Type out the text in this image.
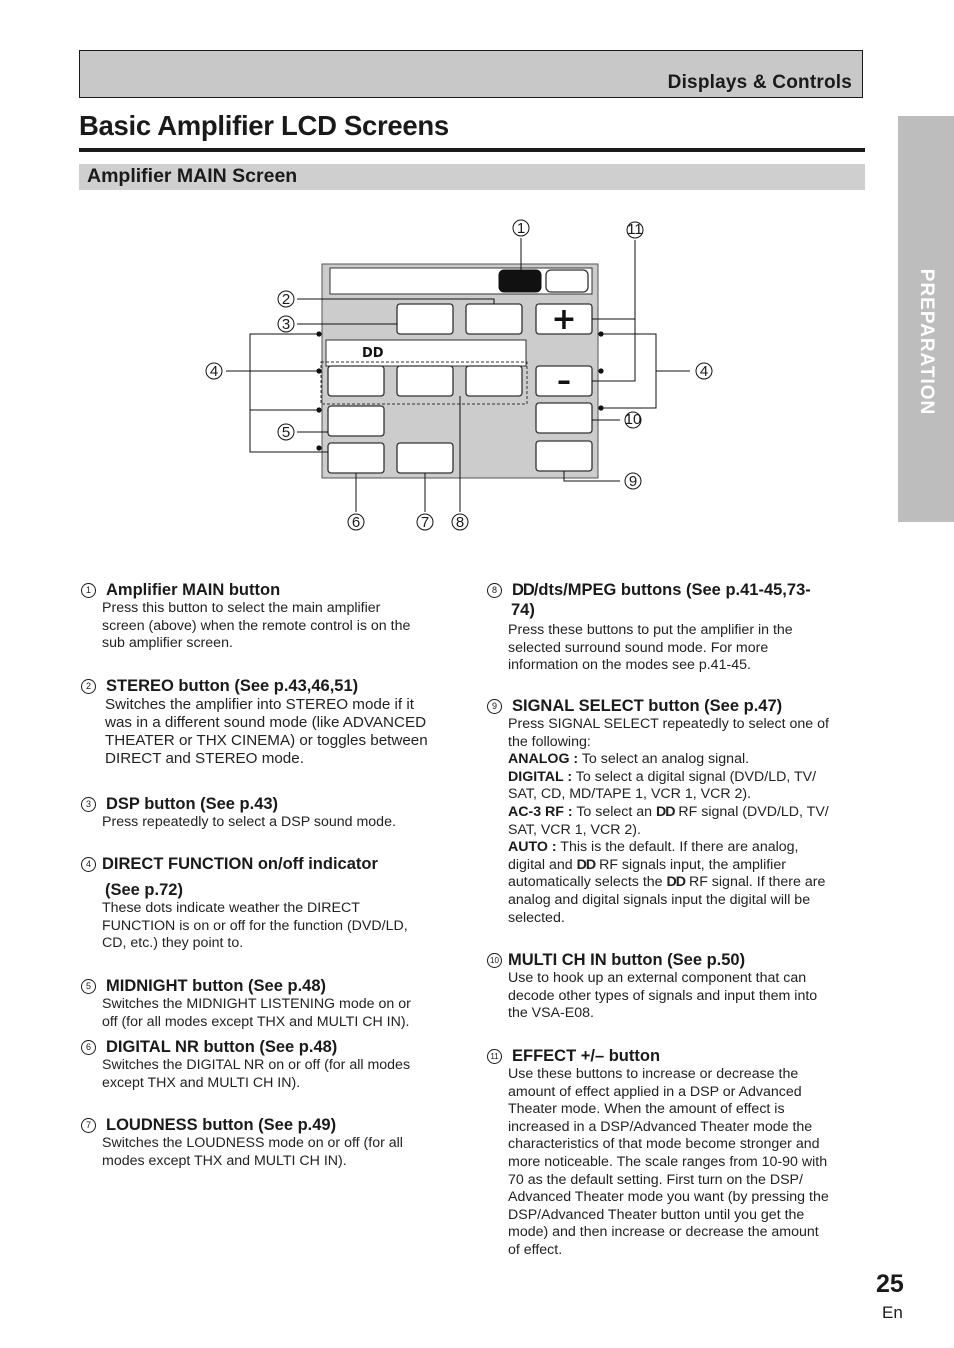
Displays & Controls
Basic Amplifier LCD Screens
Amplifier MAIN Screen
PREPARATION
+
DD
–
1
2
3
4
5
6	7 8
9
10
11
4
1 Amplifier MAIN button
Press this button to select the main amplifier
screen (above) when the remote control is on the
sub amplifier screen.
2 STEREO button (See p.43,46,51)
Switches the amplifier into STEREO mode if it
was in a different sound mode (like ADVANCED
THEATER or THX CINEMA) or toggles between
DIRECT and STEREO mode.
3 DSP button (See p.43)
Press repeatedly to select a DSP sound mode.
4 DIRECT FUNCTION on/off indicator
(See p.72)
These dots indicate weather the DIRECT
FUNCTION is on or off for the function (DVD/LD,
CD, etc.) they point to.
5 MIDNIGHT button (See p.48)
Switches the MIDNIGHT LISTENING mode on or
off (for all modes except THX and MULTI CH IN).
6 DIGITAL NR button (See p.48)
Switches the DIGITAL NR on or off (for all modes
except THX and MULTI CH IN).
7 LOUDNESS button (See p.49)
Switches the LOUDNESS mode on or off (for all
modes except THX and MULTI CH IN).
8 DD/dts/MPEG buttons (See p.41-45,73-
74)
Press these buttons to put the amplifier in the
selected surround sound mode. For more
information on the modes see p.41-45.
9 SIGNAL SELECT button (See p.47)
Press SIGNAL SELECT repeatedly to select one of
the following:
ANALOG : To select an analog signal.
DIGITAL : To select a digital signal (DVD/LD, TV/
SAT, CD, MD/TAPE 1, VCR 1, VCR 2).
AC-3 RF : To select an DD RF signal (DVD/LD, TV/
SAT, VCR 1, VCR 2).
AUTO : This is the default. If there are analog,
digital and DD RF signals input, the amplifier
automatically selects the DD RF signal. If there are
analog and digital signals input the digital will be
selected.
10 MULTI CH IN button (See p.50)
Use to hook up an external component that can
decode other types of signals and input them into
the VSA-E08.
11 EFFECT +/– button
Use these buttons to increase or decrease the
amount of effect applied in a DSP or Advanced
Theater mode. When the amount of effect is
increased in a DSP/Advanced Theater mode the
characteristics of that mode become stronger and
more noticeable. The scale ranges from 10-90 with
70 as the default setting. First turn on the DSP/
Advanced Theater mode you want (by pressing the
DSP/Advanced Theater button until you get the
mode) and then increase or decrease the amount
of effect.
25
En
